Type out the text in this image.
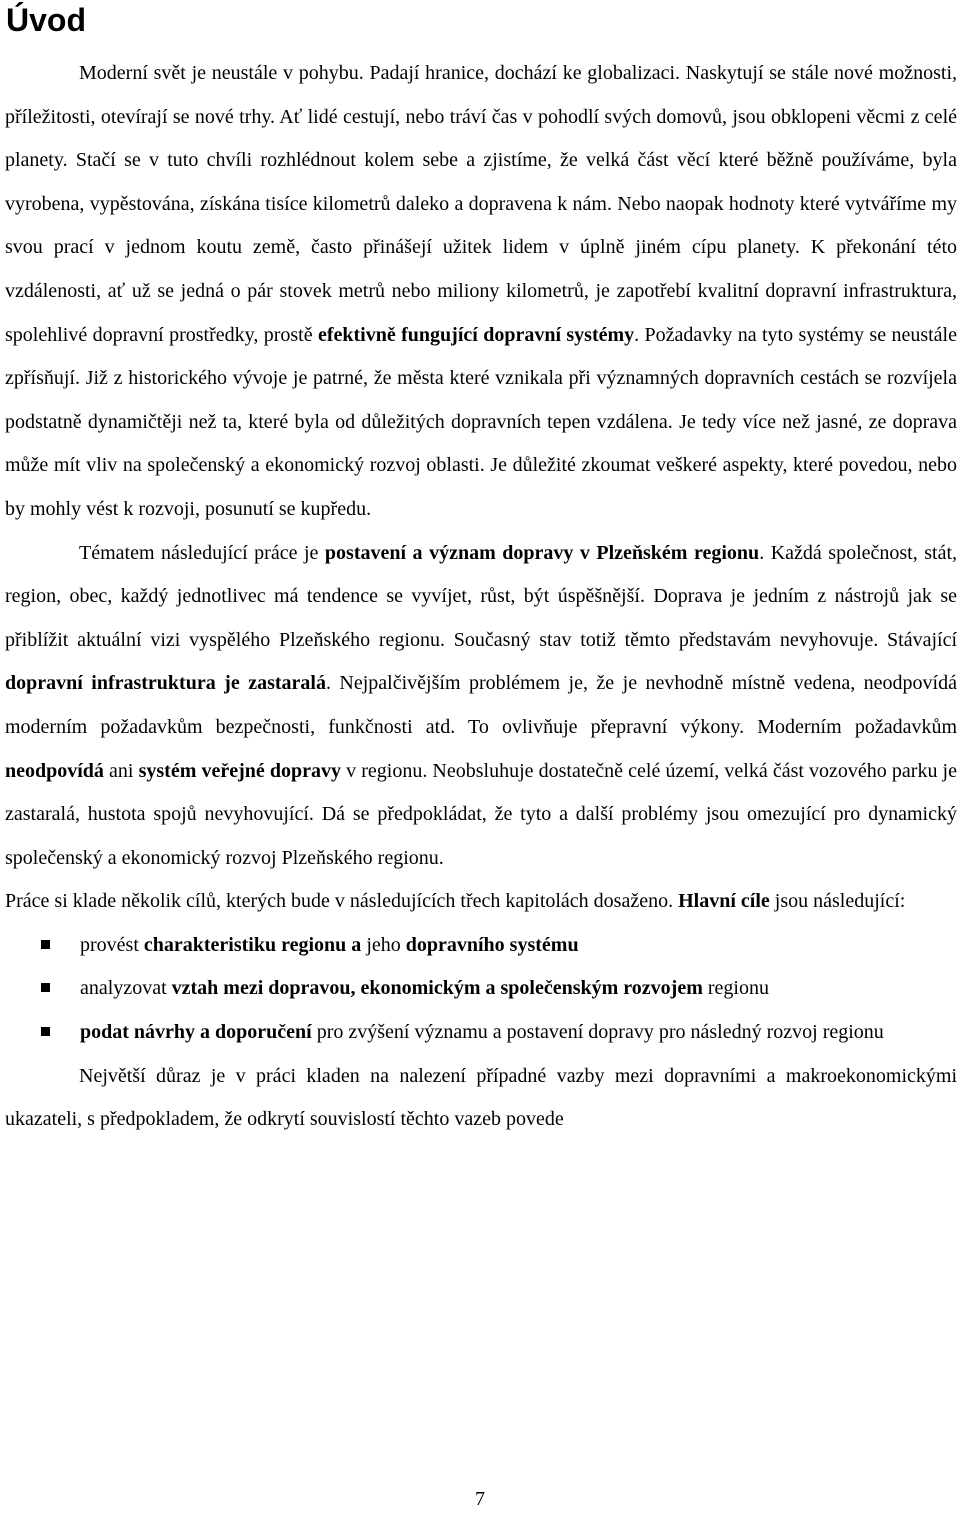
Úvod

Moderní svět je neustále v pohybu. Padají hranice, dochází ke globalizaci. Naskytují se stále nové možnosti, příležitosti, otevírají se nové trhy. Ať lidé cestují, nebo tráví čas v pohodlí svých domovů, jsou obklopeni věcmi z celé planety. Stačí se v tuto chvíli rozhlédnout kolem sebe a zjistíme, že velká část věcí které běžně používáme, byla vyrobena, vypěstována, získána tisíce kilometrů daleko a dopravena k nám. Nebo naopak hodnoty které vytváříme my svou prací v jednom koutu země, často přinášejí užitek lidem v úplně jiném cípu planety. K překonání této vzdálenosti, ať už se jedná o pár stovek metrů nebo miliony kilometrů, je zapotřebí kvalitní dopravní infrastruktura, spolehlivé dopravní prostředky, prostě efektivně fungující dopravní systémy. Požadavky na tyto systémy se neustále zpřísňují. Již z historického vývoje je patrné, že města které vznikala při významných dopravních cestách se rozvíjela podstatně dynamičtěji než ta, které byla od důležitých dopravních tepen vzdálena. Je tedy více než jasné, ze doprava může mít vliv na společenský a ekonomický rozvoj oblasti. Je důležité zkoumat veškeré aspekty, které povedou, nebo by mohly vést k rozvoji, posunutí se kupředu.

Tématem následující práce je postavení a význam dopravy v Plzeňském regionu. Každá společnost, stát, region, obec, každý jednotlivec má tendence se vyvíjet, růst, být úspěšnější. Doprava je jedním z nástrojů jak se přiblížit aktuální vizi vyspělého Plzeňského regionu. Současný stav totiž těmto představám nevyhovuje. Stávající dopravní infrastruktura je zastaralá. Nejpalčivějším problémem je, že je nevhodně místně vedena, neodpovídá moderním požadavkům bezpečnosti, funkčnosti atd. To ovlivňuje přepravní výkony. Moderním požadavkům neodpovídá ani systém veřejné dopravy v regionu. Neobsluhuje dostatečně celé území, velká část vozového parku je zastaralá, hustota spojů nevyhovující. Dá se předpokládat, že tyto a další problémy jsou omezující pro dynamický společenský a ekonomický rozvoj Plzeňského regionu.

Práce si klade několik cílů, kterých bude v následujících třech kapitolách dosaženo. Hlavní cíle jsou následující:

provést charakteristiku regionu a jeho dopravního systému
analyzovat vztah mezi dopravou, ekonomickým a společenským rozvojem regionu
podat návrhy a doporučení pro zvýšení významu a postavení dopravy pro následný rozvoj regionu

Největší důraz je v práci kladen na nalezení případné vazby mezi dopravními a makroekonomickými ukazateli, s předpokladem, že odkrytí souvislostí těchto vazeb povede

7
